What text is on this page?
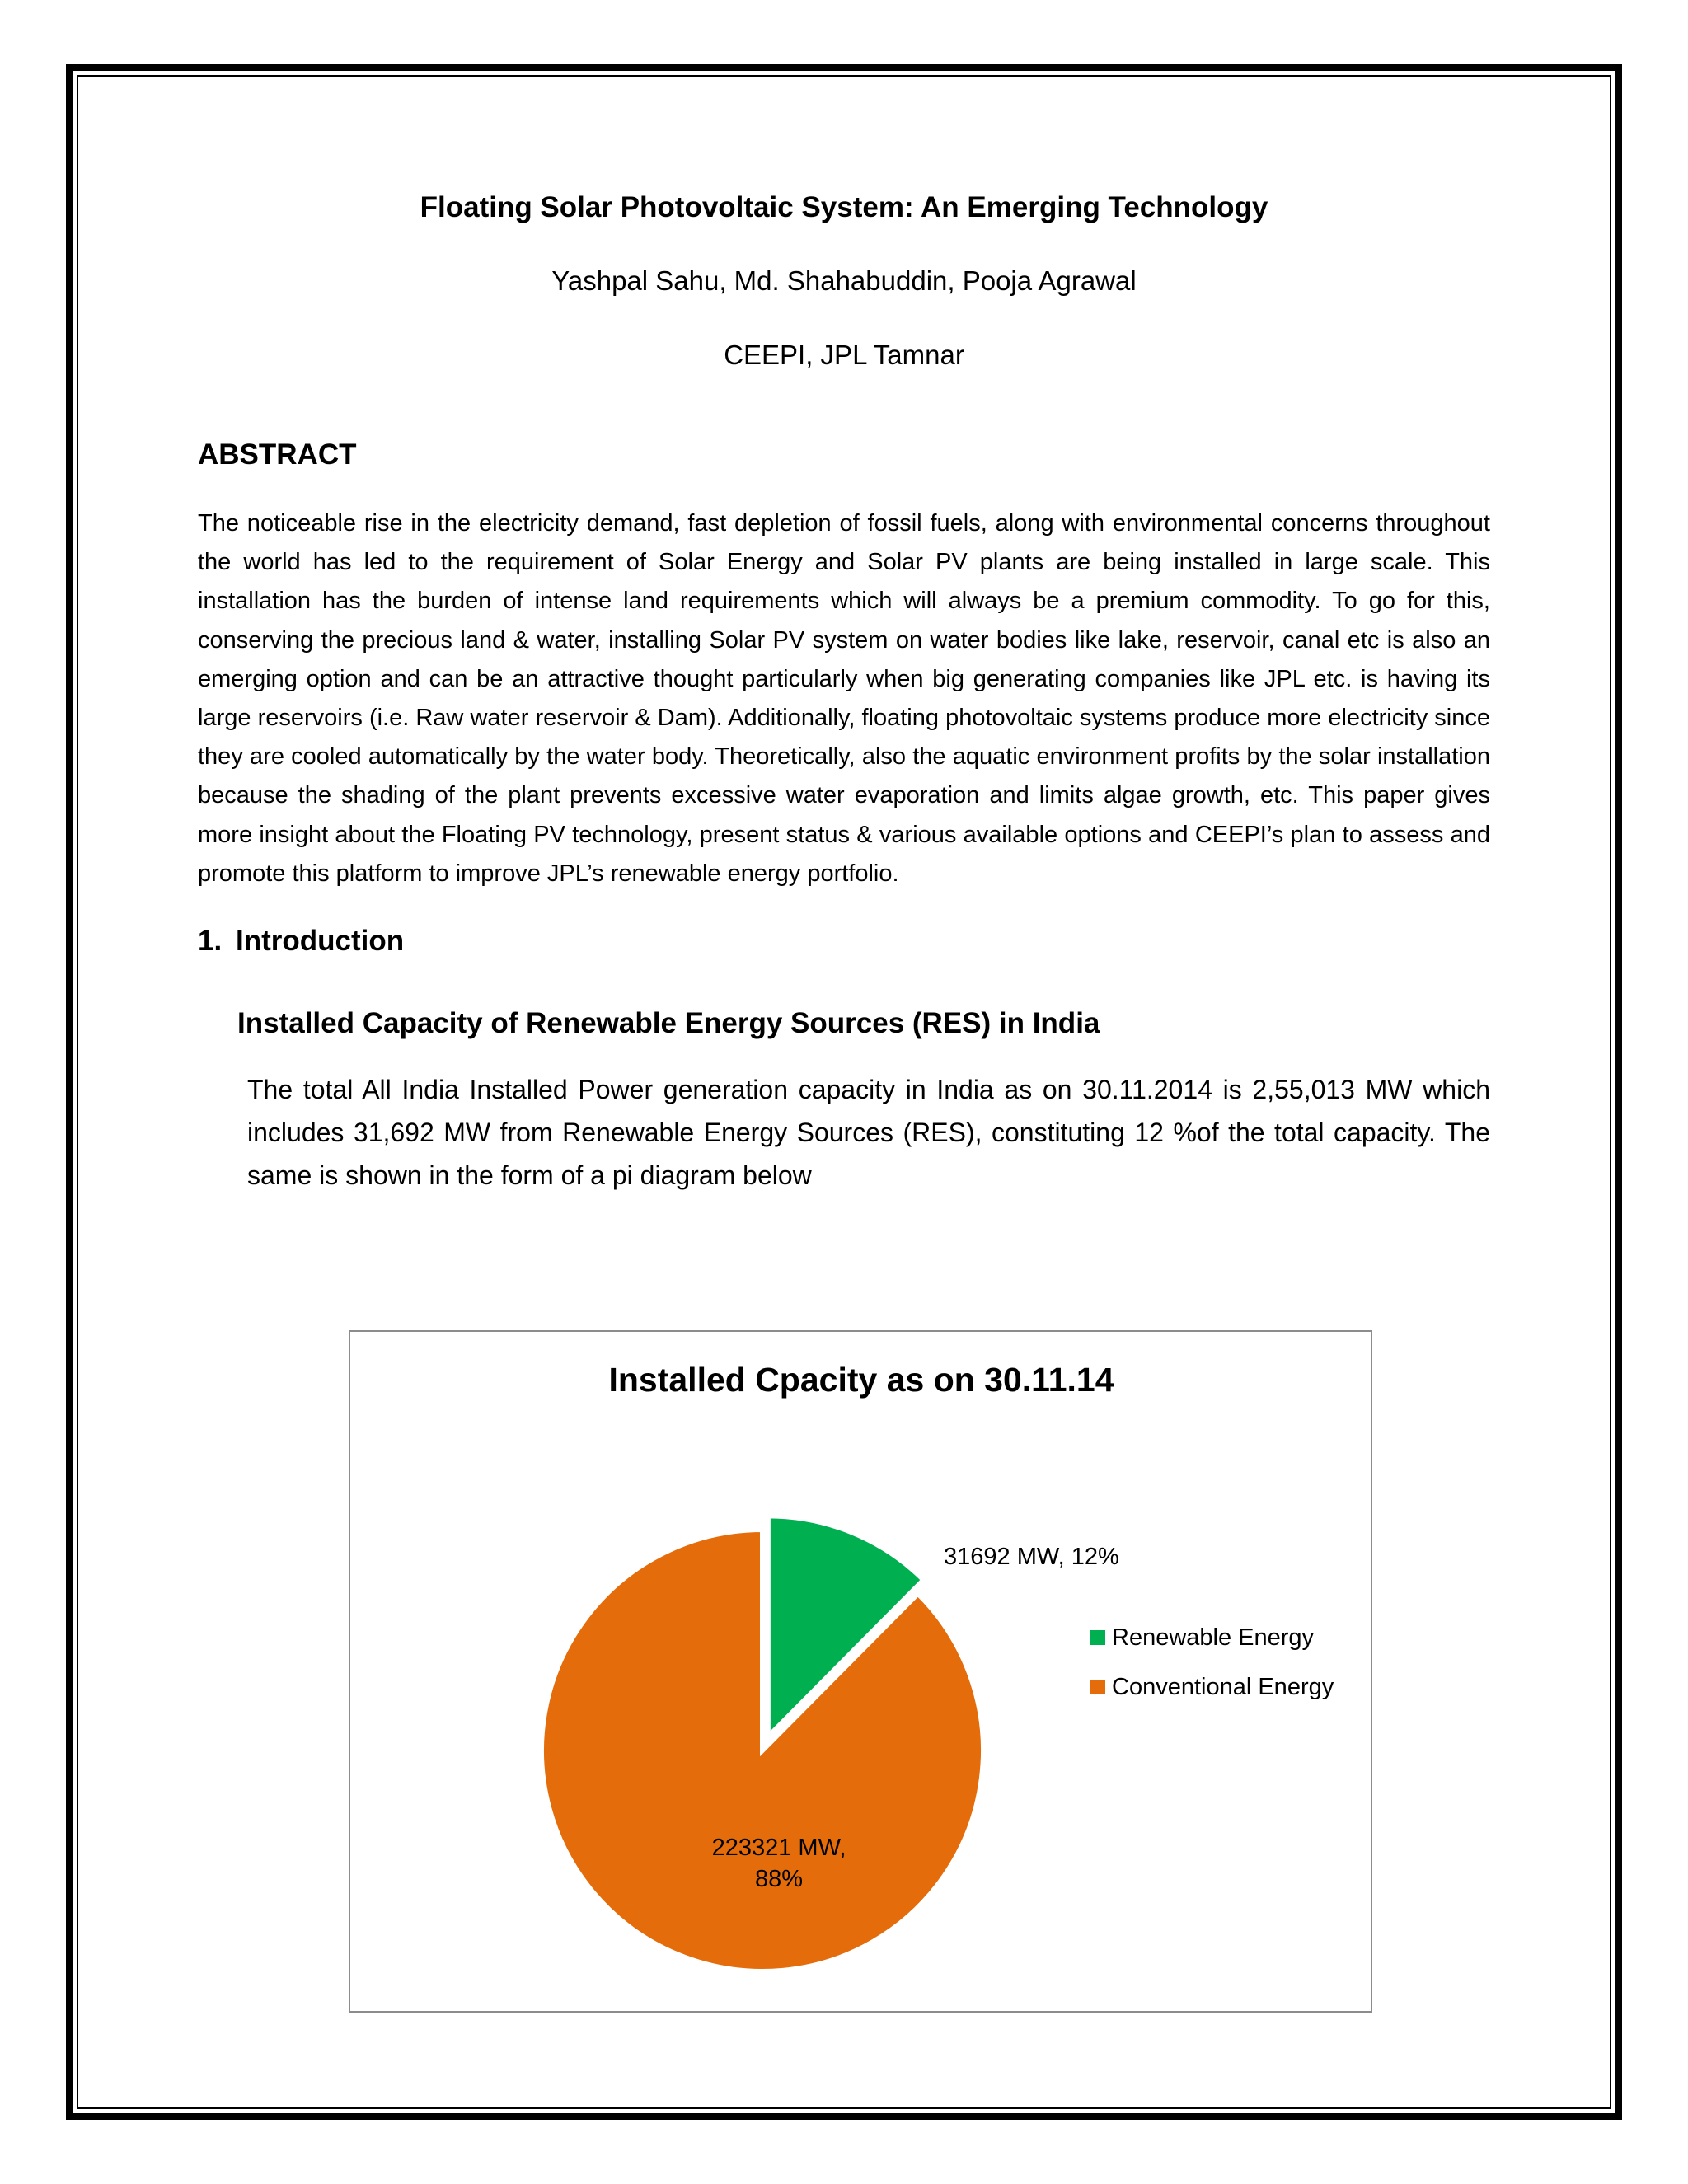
Floating Solar Photovoltaic System: An Emerging Technology
Yashpal Sahu, Md. Shahabuddin, Pooja Agrawal
CEEPI, JPL Tamnar
ABSTRACT
The noticeable rise in the electricity demand, fast depletion of fossil fuels, along with environmental concerns throughout the world has led to the requirement of Solar Energy and Solar PV plants are being installed in large scale. This installation has the burden of intense land requirements which will always be a premium commodity. To go for this, conserving the precious land & water, installing Solar PV system on water bodies like lake, reservoir, canal etc is also an emerging option and can be an attractive thought particularly when big generating companies like JPL etc. is having its large reservoirs (i.e. Raw water reservoir & Dam). Additionally, floating photovoltaic systems produce more electricity since they are cooled automatically by the water body. Theoretically, also the aquatic environment profits by the solar installation because the shading of the plant prevents excessive water evaporation and limits algae growth, etc. This paper gives more insight about the Floating PV technology, present status & various available options and CEEPI’s plan to assess and promote this platform to improve JPL’s renewable energy portfolio.
1. Introduction
Installed Capacity of Renewable Energy Sources (RES) in India
The total All India Installed Power generation capacity in India as on 30.11.2014 is 2,55,013 MW which includes 31,692 MW from Renewable Energy Sources (RES), constituting 12 %of the total capacity. The same is shown in the form of a pi diagram below
Installed Cpacity as on 30.11.14
31692 MW, 12%
223321 MW, 88%
Renewable Energy
Conventional Energy
